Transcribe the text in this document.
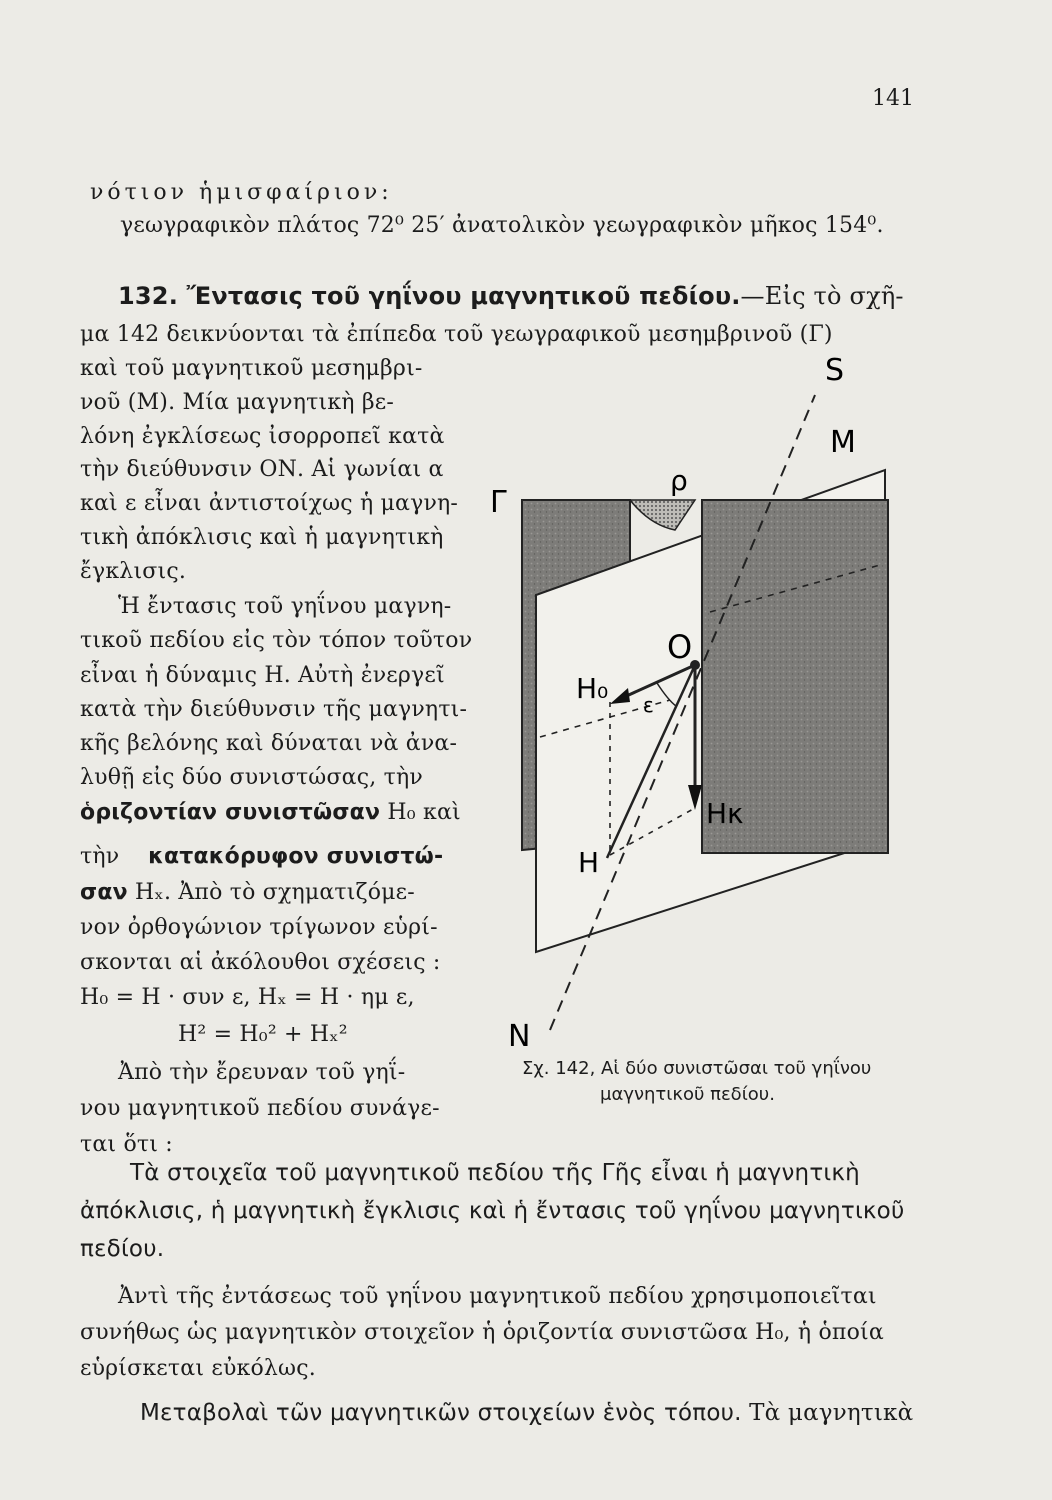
141
νότιον ἡμισφαίριον:
γεωγραφικὸν πλάτος 72⁰ 25′ ἀνατολικὸν γεωγραφικὸν μῆκος 154⁰.
132. Ἔντασις τοῦ γηΐνου μαγνητικοῦ πεδίου.—Εἰς τὸ σχῆ-
μα 142 δεικνύονται τὰ ἐπίπεδα τοῦ γεωγραφικοῦ μεσημβρινοῦ (Γ)
καὶ τοῦ μαγνητικοῦ μεσημβρι-
νοῦ (Μ). Μία μαγνητικὴ βε-
λόνη ἐγκλίσεως ἰσορροπεῖ κατὰ
τὴν διεύθυνσιν ΟΝ. Αἱ γωνίαι α
καὶ ε εἶναι ἀντιστοίχως ἡ μαγνη-
τικὴ ἀπόκλισις καὶ ἡ μαγνητικὴ
ἔγκλισις.
Ἡ ἔντασις τοῦ γηΐνου μαγνη-
τικοῦ πεδίου εἰς τὸν τόπον τοῦτον
εἶναι ἡ δύναμις Η. Αὐτὴ ἐνεργεῖ
κατὰ τὴν διεύθυνσιν τῆς μαγνητι-
κῆς βελόνης καὶ δύναται νὰ ἀνα-
λυθῇ εἰς δύο συνιστώσας, τὴν
ὁριζοντίαν συνιστῶσαν Η₀ καὶ
τὴν κατακόρυφον συνιστώ-
σαν Ηₓ. Ἀπὸ τὸ σχηματιζόμε-
νον ὀρθογώνιον τρίγωνον εὑρί-
σκονται αἱ ἀκόλουθοι σχέσεις :
Η₀ = Η · συν ε, Ηₓ = Η · ημ ε,
Η² = Η₀² + Ηₓ²
Ἀπὸ τὴν ἔρευναν τοῦ γηΐ-
νου μαγνητικοῦ πεδίου συνάγε-
ται ὅτι :
Τὰ στοιχεῖα τοῦ μαγνητικοῦ πεδίου τῆς Γῆς εἶναι ἡ μαγνητικὴ
ἀπόκλισις, ἡ μαγνητικὴ ἔγκλισις καὶ ἡ ἔντασις τοῦ γηΐνου μαγνητικοῦ
πεδίου.
Ἀντὶ τῆς ἐντάσεως τοῦ γηΐνου μαγνητικοῦ πεδίου χρησιμοποιεῖται
συνήθως ὡς μαγνητικὸν στοιχεῖον ἡ ὁριζοντία συνιστῶσα Η₀, ἡ ὁποία
εὑρίσκεται εὐκόλως.
Μεταβολαὶ τῶν μαγνητικῶν στοιχείων ἑνὸς τόπου. Τὰ μαγνητικὰ
S
M
Γ
ρ
O
H₀ ε
Hκ
H
N
Σχ. 142, Αἱ δύο συνιστῶσαι τοῦ γηΐνου
μαγνητικοῦ πεδίου.
